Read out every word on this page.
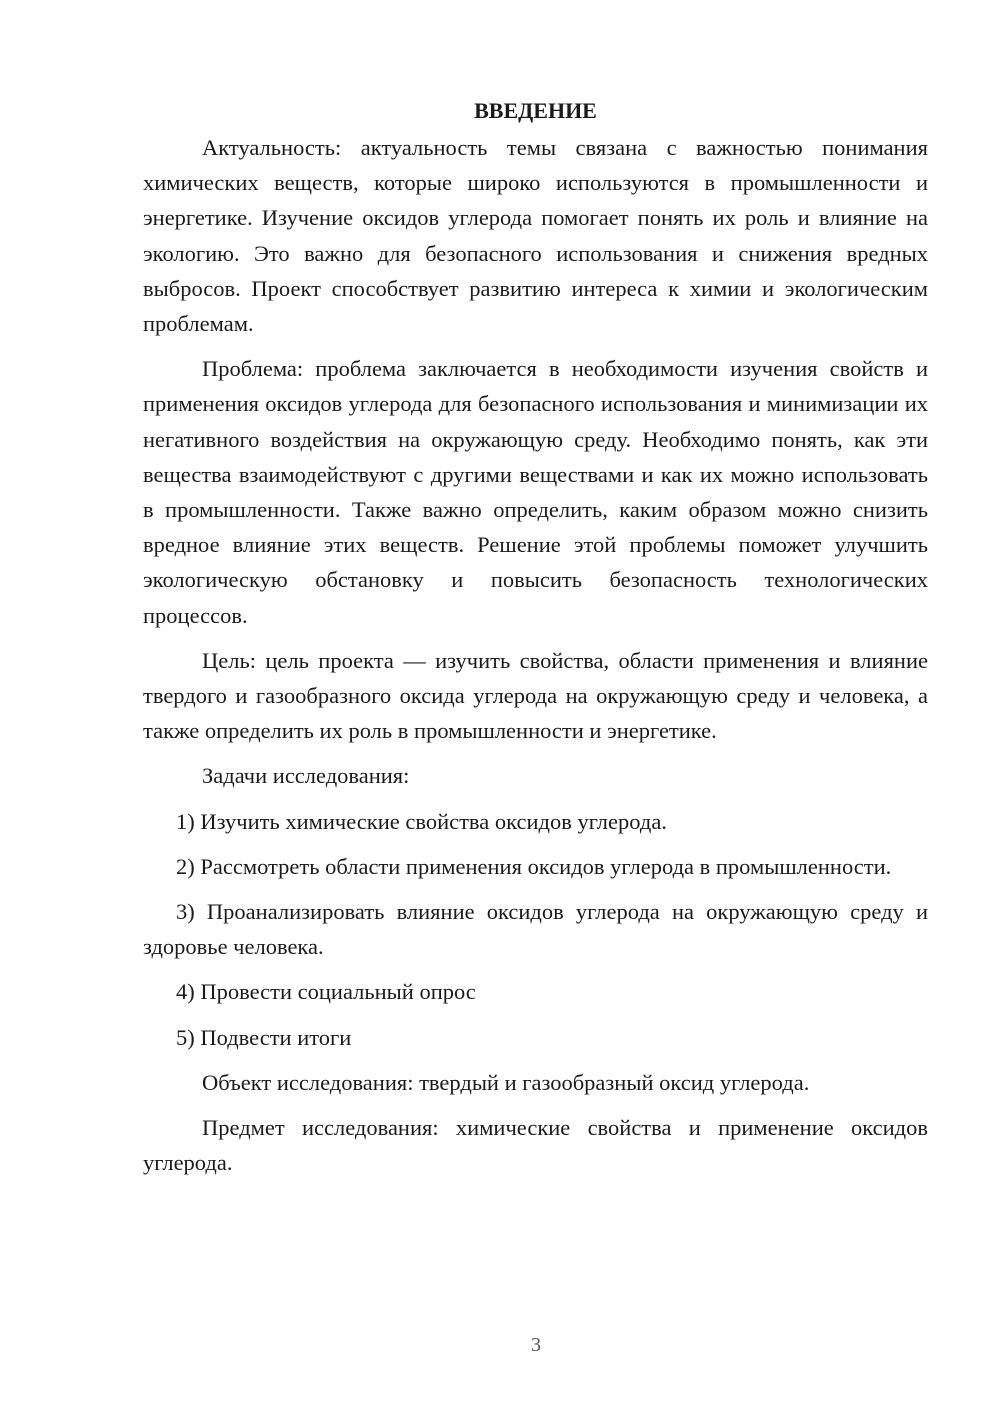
ВВЕДЕНИЕ

Актуальность: актуальность темы связана с важностью понимания химических веществ, которые широко используются в промышленности и энергетике. Изучение оксидов углерода помогает понять их роль и влияние на экологию. Это важно для безопасного использования и снижения вредных выбросов. Проект способствует развитию интереса к химии и экологическим проблемам.

Проблема: проблема заключается в необходимости изучения свойств и применения оксидов углерода для безопасного использования и минимизации их негативного воздействия на окружающую среду. Необходимо понять, как эти вещества взаимодействуют с другими веществами и как их можно использовать в промышленности. Также важно определить, каким образом можно снизить вредное влияние этих веществ. Решение этой проблемы поможет улучшить экологическую обстановку и повысить безопасность технологических процессов.

Цель: цель проекта — изучить свойства, области применения и влияние твердого и газообразного оксида углерода на окружающую среду и человека, а также определить их роль в промышленности и энергетике.

Задачи исследования:

1) Изучить химические свойства оксидов углерода.

2) Рассмотреть области применения оксидов углерода в промышленности.

3) Проанализировать влияние оксидов углерода на окружающую среду и здоровье человека.

4) Провести социальный опрос

5) Подвести итоги

Объект исследования: твердый и газообразный оксид углерода.

Предмет исследования: химические свойства и применение оксидов углерода.

3
